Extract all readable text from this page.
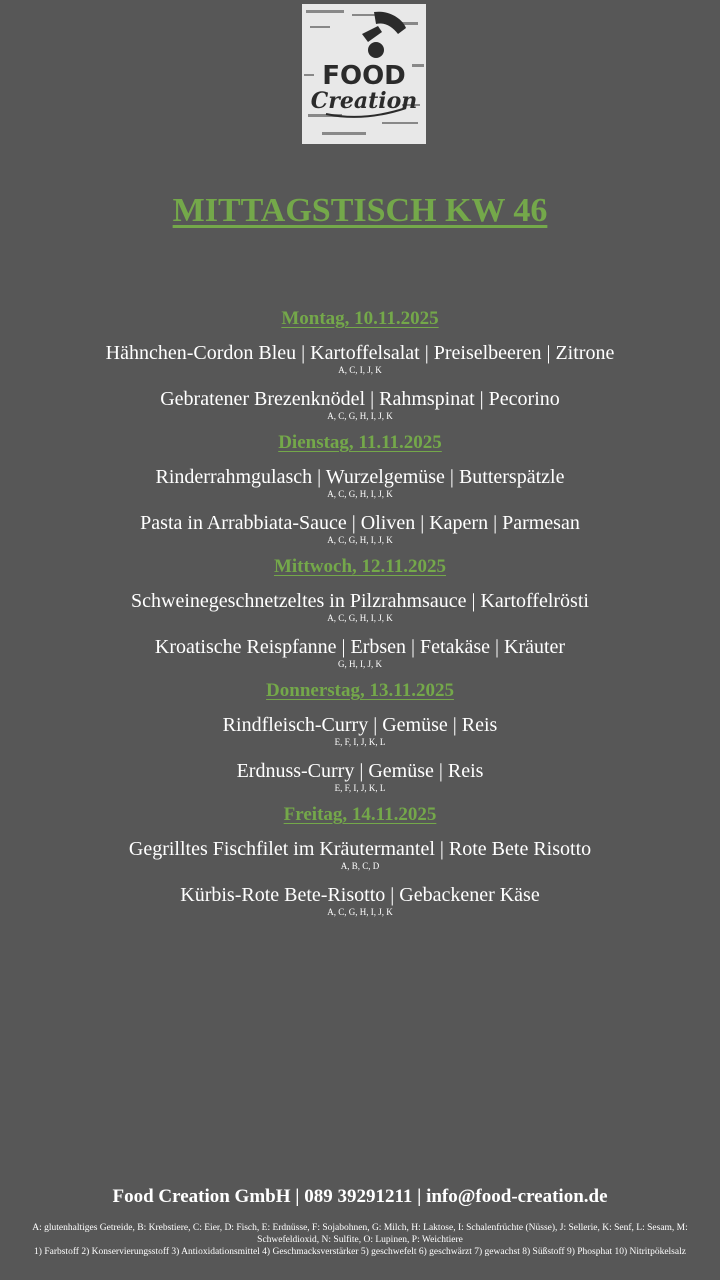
FOOD
Creation
MITTAGSTISCH KW 46
Montag, 10.11.2025
Hähnchen-Cordon Bleu | Kartoffelsalat | Preiselbeeren | Zitrone
A, C, I, J, K
Gebratener Brezenknödel | Rahmspinat | Pecorino
A, C, G, H, I, J, K
Dienstag, 11.11.2025
Rinderrahmgulasch | Wurzelgemüse | Butterspätzle
A, C, G, H, I, J, K
Pasta in Arrabbiata-Sauce | Oliven | Kapern | Parmesan
A, C, G, H, I, J, K
Mittwoch, 12.11.2025
Schweinegeschnetzeltes in Pilzrahmsauce | Kartoffelrösti
A, C, G, H, I, J, K
Kroatische Reispfanne | Erbsen | Fetakäse | Kräuter
G, H, I, J, K
Donnerstag, 13.11.2025
Rindfleisch-Curry | Gemüse | Reis
E, F, I, J, K, L
Erdnuss-Curry | Gemüse | Reis
E, F, I, J, K, L
Freitag, 14.11.2025
Gegrilltes Fischfilet im Kräutermantel | Rote Bete Risotto
A, B, C, D
Kürbis-Rote Bete-Risotto | Gebackener Käse
A, C, G, H, I, J, K
Food Creation GmbH | 089 39291211 | info@food-creation.de
A: glutenhaltiges Getreide, B: Krebstiere, C: Eier, D: Fisch, E: Erdnüsse, F: Sojabohnen, G: Milch, H: Laktose, I: Schalenfrüchte (Nüsse), J: Sellerie, K: Senf, L: Sesam, M: Schwefeldioxid, N: Sulfite, O: Lupinen, P: Weichtiere
1) Farbstoff 2) Konservierungsstoff 3) Antioxidationsmittel 4) Geschmacksverstärker 5) geschwefelt 6) geschwärzt 7) gewachst 8) Süßstoff 9) Phosphat 10) Nitritpökelsalz
